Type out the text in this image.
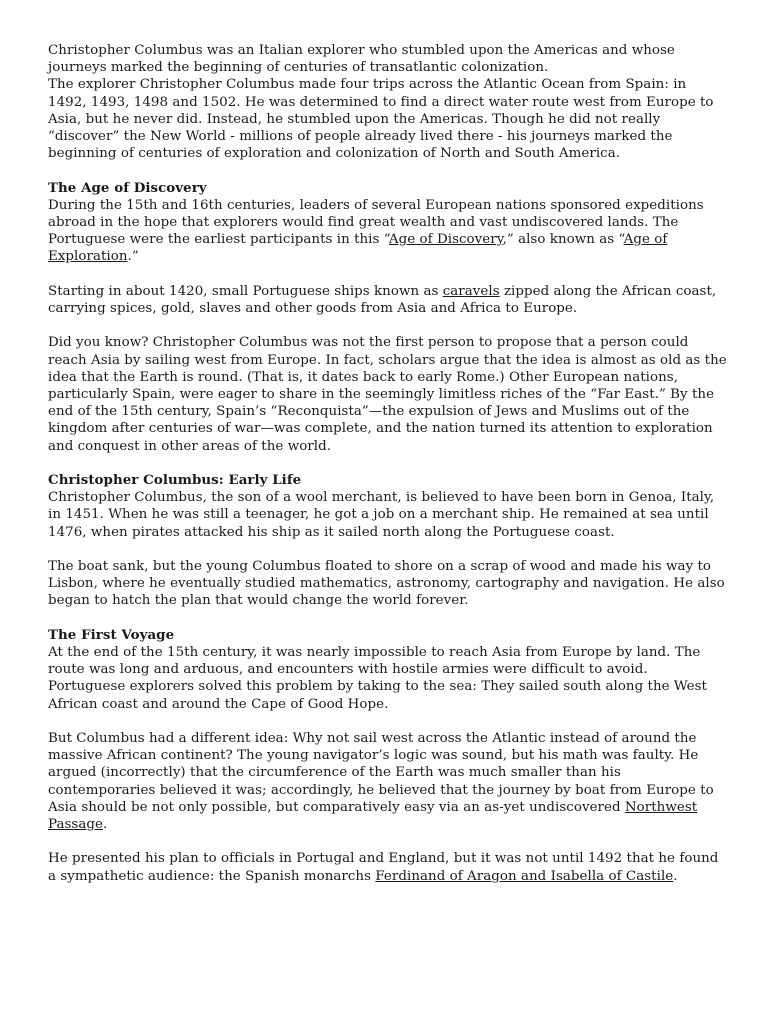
Christopher Columbus was an Italian explorer who stumbled upon the Americas and whose journeys marked the beginning of centuries of transatlantic colonization.

The explorer Christopher Columbus made four trips across the Atlantic Ocean from Spain: in 1492, 1493, 1498 and 1502. He was determined to find a direct water route west from Europe to Asia, but he never did. Instead, he stumbled upon the Americas. Though he did not really “discover” the New World - millions of people already lived there - his journeys marked the beginning of centuries of exploration and colonization of North and South America.

The Age of Discovery

During the 15th and 16th centuries, leaders of several European nations sponsored expeditions abroad in the hope that explorers would find great wealth and vast undiscovered lands. The Portuguese were the earliest participants in this “Age of Discovery,” also known as “Age of Exploration.”

Starting in about 1420, small Portuguese ships known as caravels zipped along the African coast, carrying spices, gold, slaves and other goods from Asia and Africa to Europe.

Did you know? Christopher Columbus was not the first person to propose that a person could reach Asia by sailing west from Europe. In fact, scholars argue that the idea is almost as old as the idea that the Earth is round. (That is, it dates back to early Rome.) Other European nations, particularly Spain, were eager to share in the seemingly limitless riches of the “Far East.” By the end of the 15th century, Spain’s “Reconquista”—the expulsion of Jews and Muslims out of the kingdom after centuries of war—was complete, and the nation turned its attention to exploration and conquest in other areas of the world.

Christopher Columbus: Early Life

Christopher Columbus, the son of a wool merchant, is believed to have been born in Genoa, Italy, in 1451. When he was still a teenager, he got a job on a merchant ship. He remained at sea until 1476, when pirates attacked his ship as it sailed north along the Portuguese coast.

The boat sank, but the young Columbus floated to shore on a scrap of wood and made his way to Lisbon, where he eventually studied mathematics, astronomy, cartography and navigation. He also began to hatch the plan that would change the world forever.

The First Voyage

At the end of the 15th century, it was nearly impossible to reach Asia from Europe by land. The route was long and arduous, and encounters with hostile armies were difficult to avoid. Portuguese explorers solved this problem by taking to the sea: They sailed south along the West African coast and around the Cape of Good Hope.

But Columbus had a different idea: Why not sail west across the Atlantic instead of around the massive African continent? The young navigator’s logic was sound, but his math was faulty. He argued (incorrectly) that the circumference of the Earth was much smaller than his contemporaries believed it was; accordingly, he believed that the journey by boat from Europe to Asia should be not only possible, but comparatively easy via an as-yet undiscovered Northwest Passage.

He presented his plan to officials in Portugal and England, but it was not until 1492 that he found a sympathetic audience: the Spanish monarchs Ferdinand of Aragon and Isabella of Castile.
